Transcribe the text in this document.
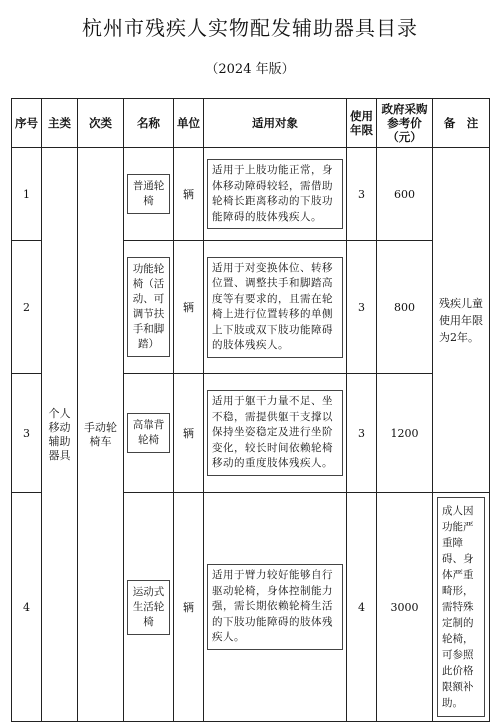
杭州市残疾人实物配发辅助器具目录
（2024 年版）
序号	主类	次类	名称	单位	适用对象	使用年限	政府采购参考价（元）	备　注
1	个人移动辅助器具	手动轮椅车	普通轮椅	辆	适用于上肢功能正常，身体移动障碍较轻，需借助轮椅长距离移动的下肢功能障碍的肢体残疾人。	3	600	残疾儿童使用年限为2年。

2			功能轮椅（活动、可调节扶手和脚踏）	辆	适用于对变换体位、转移位置、调整扶手和脚踏高度等有要求的，且需在轮椅上进行位置转移的单侧上下肢或双下肢功能障碍的肢体残疾人。	3	800	
3			高靠背轮椅	辆	适用于躯干力量不足、坐不稳，需提供躯干支撑以保持坐姿稳定及进行坐阶变化，较长时间依赖轮椅移动的重度肢体残疾人。	3	1200	
4			运动式生活轮椅	辆	适用于臂力较好能够自行驱动轮椅，身体控制能力强，需长期依赖轮椅生活的下肢功能障碍的肢体残疾人。	4	3000	成人因功能严重障碍、身体严重畸形，需特殊定制的轮椅，可参照此价格限额补助。
